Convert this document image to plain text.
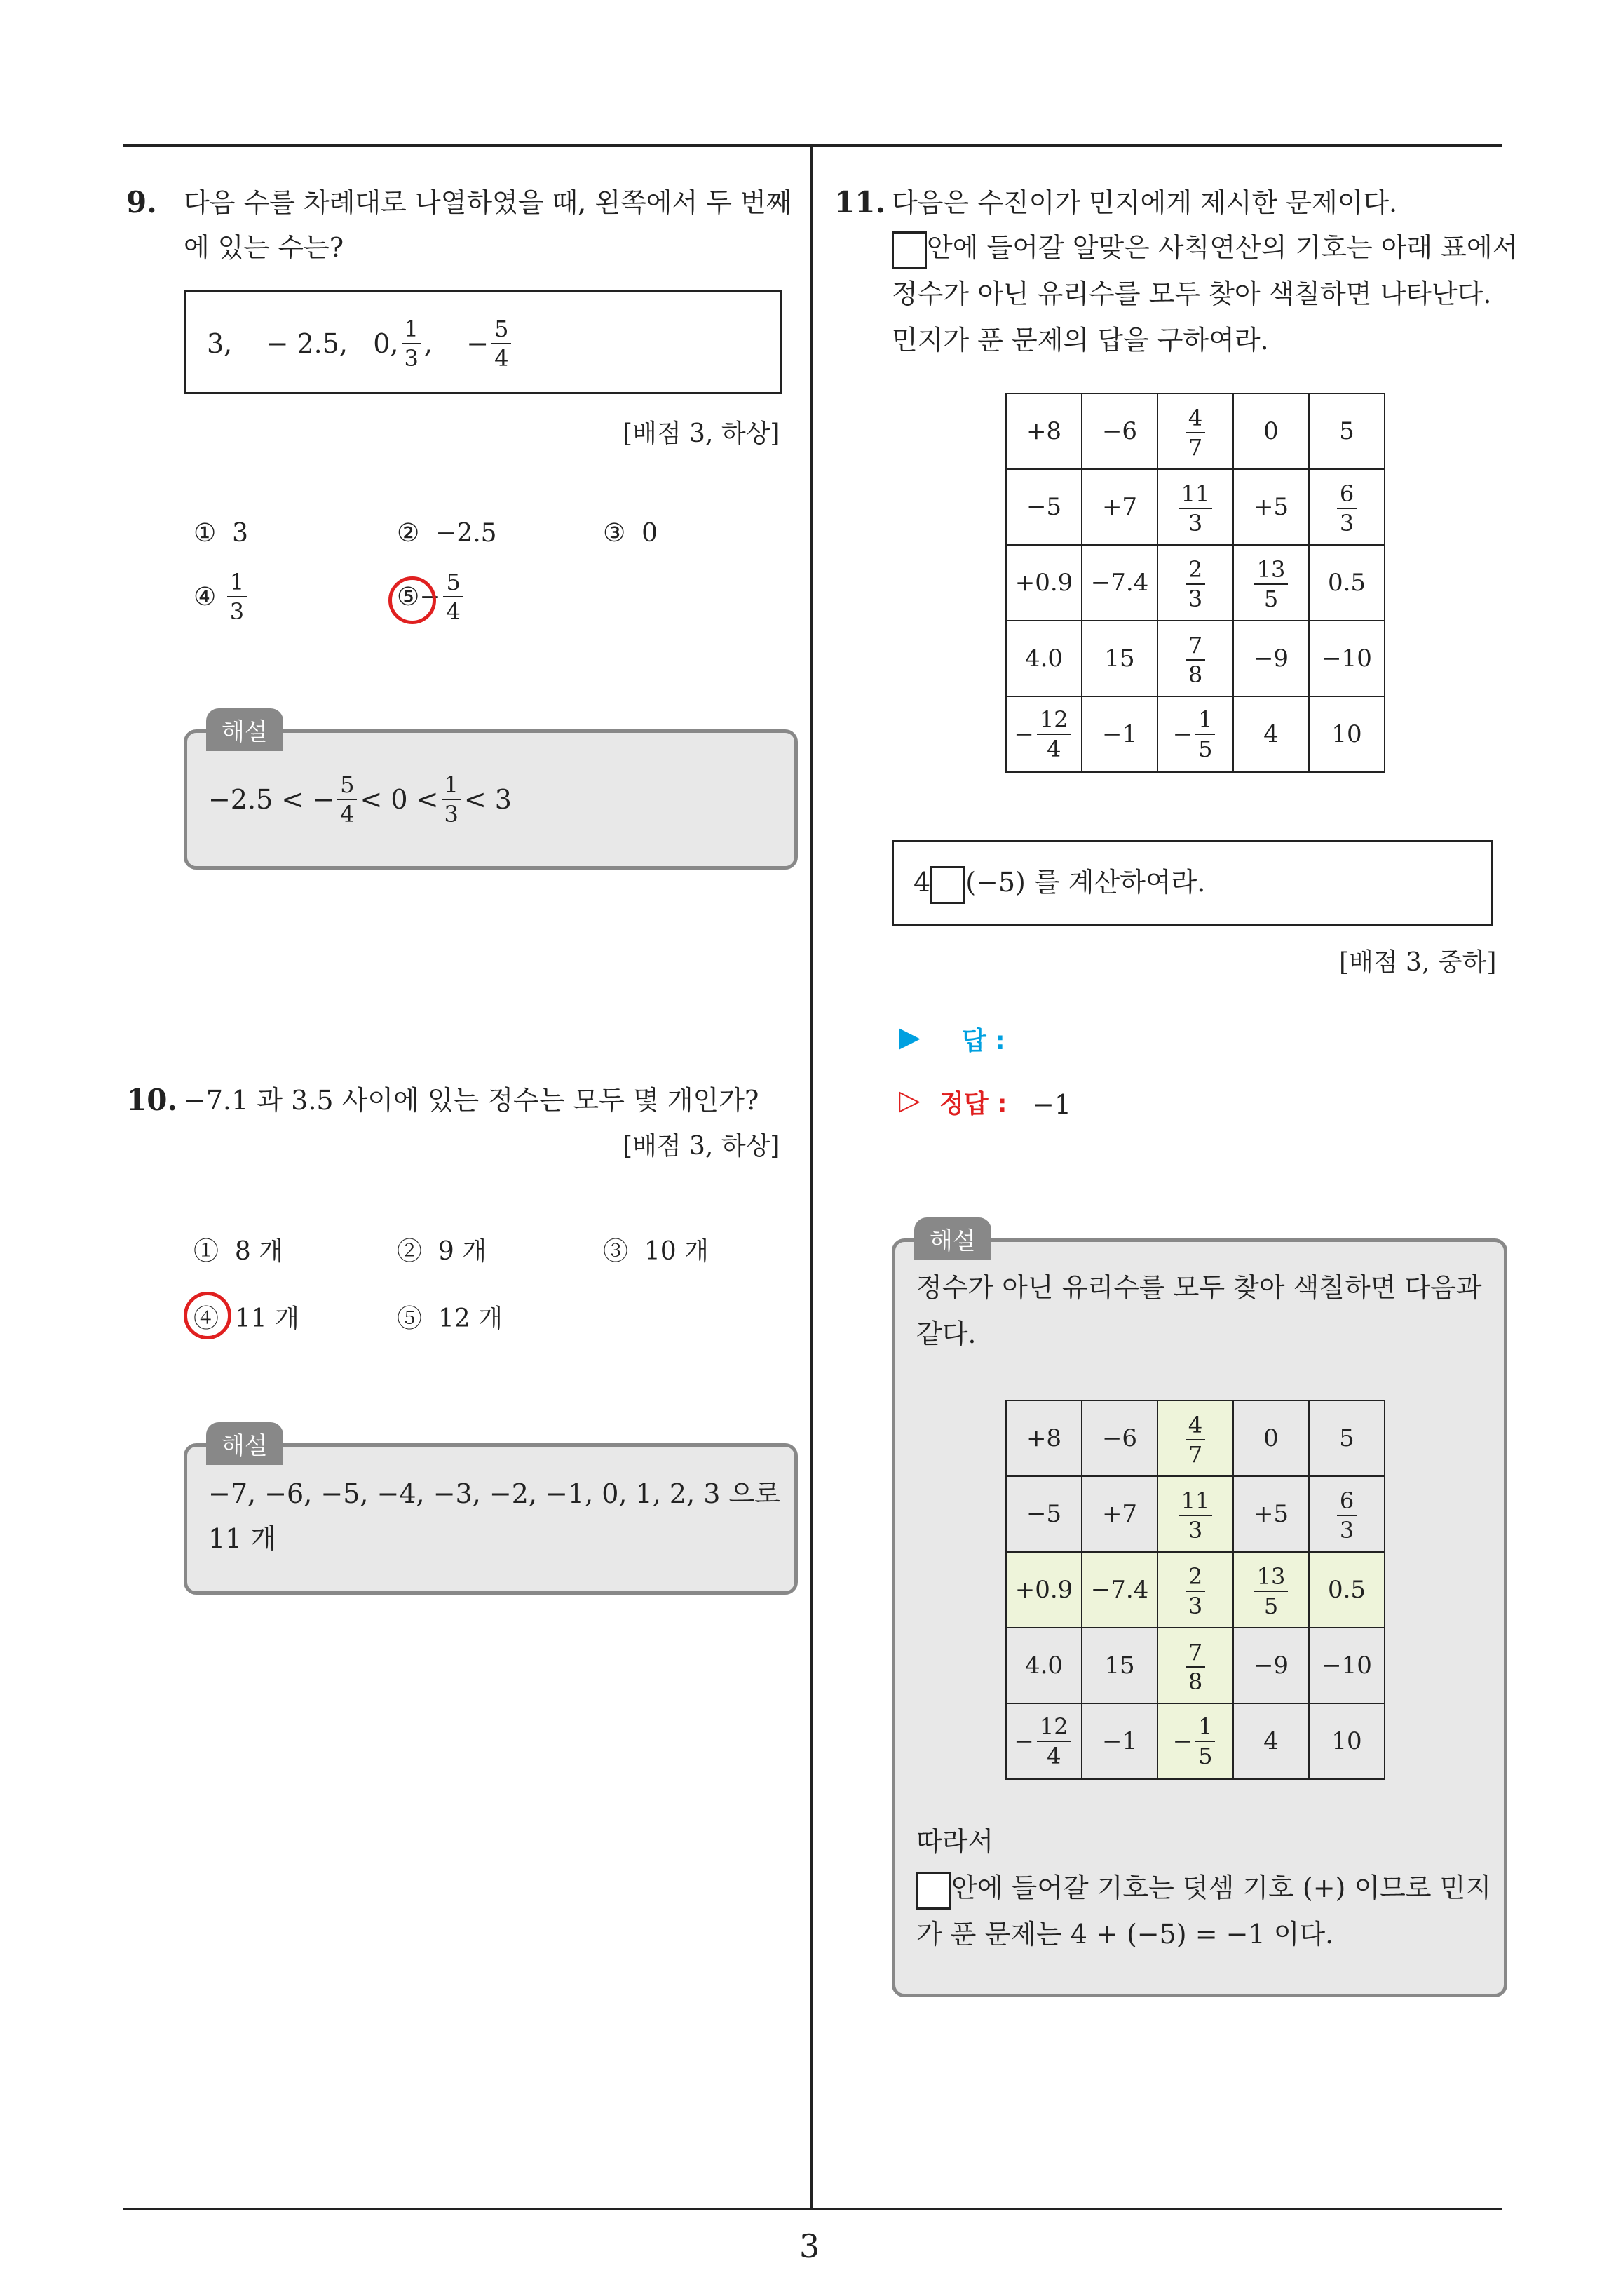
3
9. 다음 수를 차례대로 나열하였을 때, 왼쪽에서 두 번째
에 있는 수는?
3,    − 2.5,   0, $\frac{1}{3}$ ,    − $\frac{5}{4}$
[배점 3, 하상]
① 3	② −2.5	③ 0
④
$\frac{1}{3}$	⑤ − $\frac{5}{4}$
−2.5 < − $\frac{5}{4} < 0 < \frac{1}{3} < 3$
해설
10. −7.1 과 3.5 사이에 있는 정수는 모두 몇 개인가?
[배점 3, 하상]
① 8 개	② 9 개	③ 10 개
④ 11 개	⑤ 12 개
−7, −6, −5, −4, −3, −2, −1, 0, 1, 2, 3 으로
11 개
해설
11. 다음은 수진이가 민지에게 제시한 문제이다.
안에 들어갈 알맞은 사칙연산의 기호는 아래 표에서
정수가 아닌 유리수를 모두 찾아 색칠하면 나타난다.
민지가 푼 문제의 답을 구하여라.
+8	−6	$\frac{4}{7}$	0	5
−5	+7	$\frac{11}{3}$	+5	$\frac{6}{3}$

+0.9	−7.4	$\frac{2}{3}$	$\frac{13}{5}$	0.5
4.0	15	$\frac{7}{8}$	−9	−10

− $\frac{12}{4}$	−1	− $\frac{1}{5}$	4	10
4 (−5) 를 계산하여라.
[배점 3, 중하]
▶ 답 :
▷ 정답 : −1
정수가 아닌 유리수를 모두 찾아 색칠하면 다음과
같다.
따라서
안에 들어갈 기호는 덧셈 기호 (+) 이므로 민지
가 푼 문제는 4 + (−5) = −1 이다.
해설
+8	−6	$\frac{4}{7}$	0	5
−5	+7	$\frac{11}{3}$	+5	$\frac{6}{3}$

+0.9	−7.4	$\frac{2}{3}$	$\frac{13}{5}$	0.5
4.0	15	$\frac{7}{8}$	−9	−10

− $\frac{12}{4}$	−1	− $\frac{1}{5}$	4	10
